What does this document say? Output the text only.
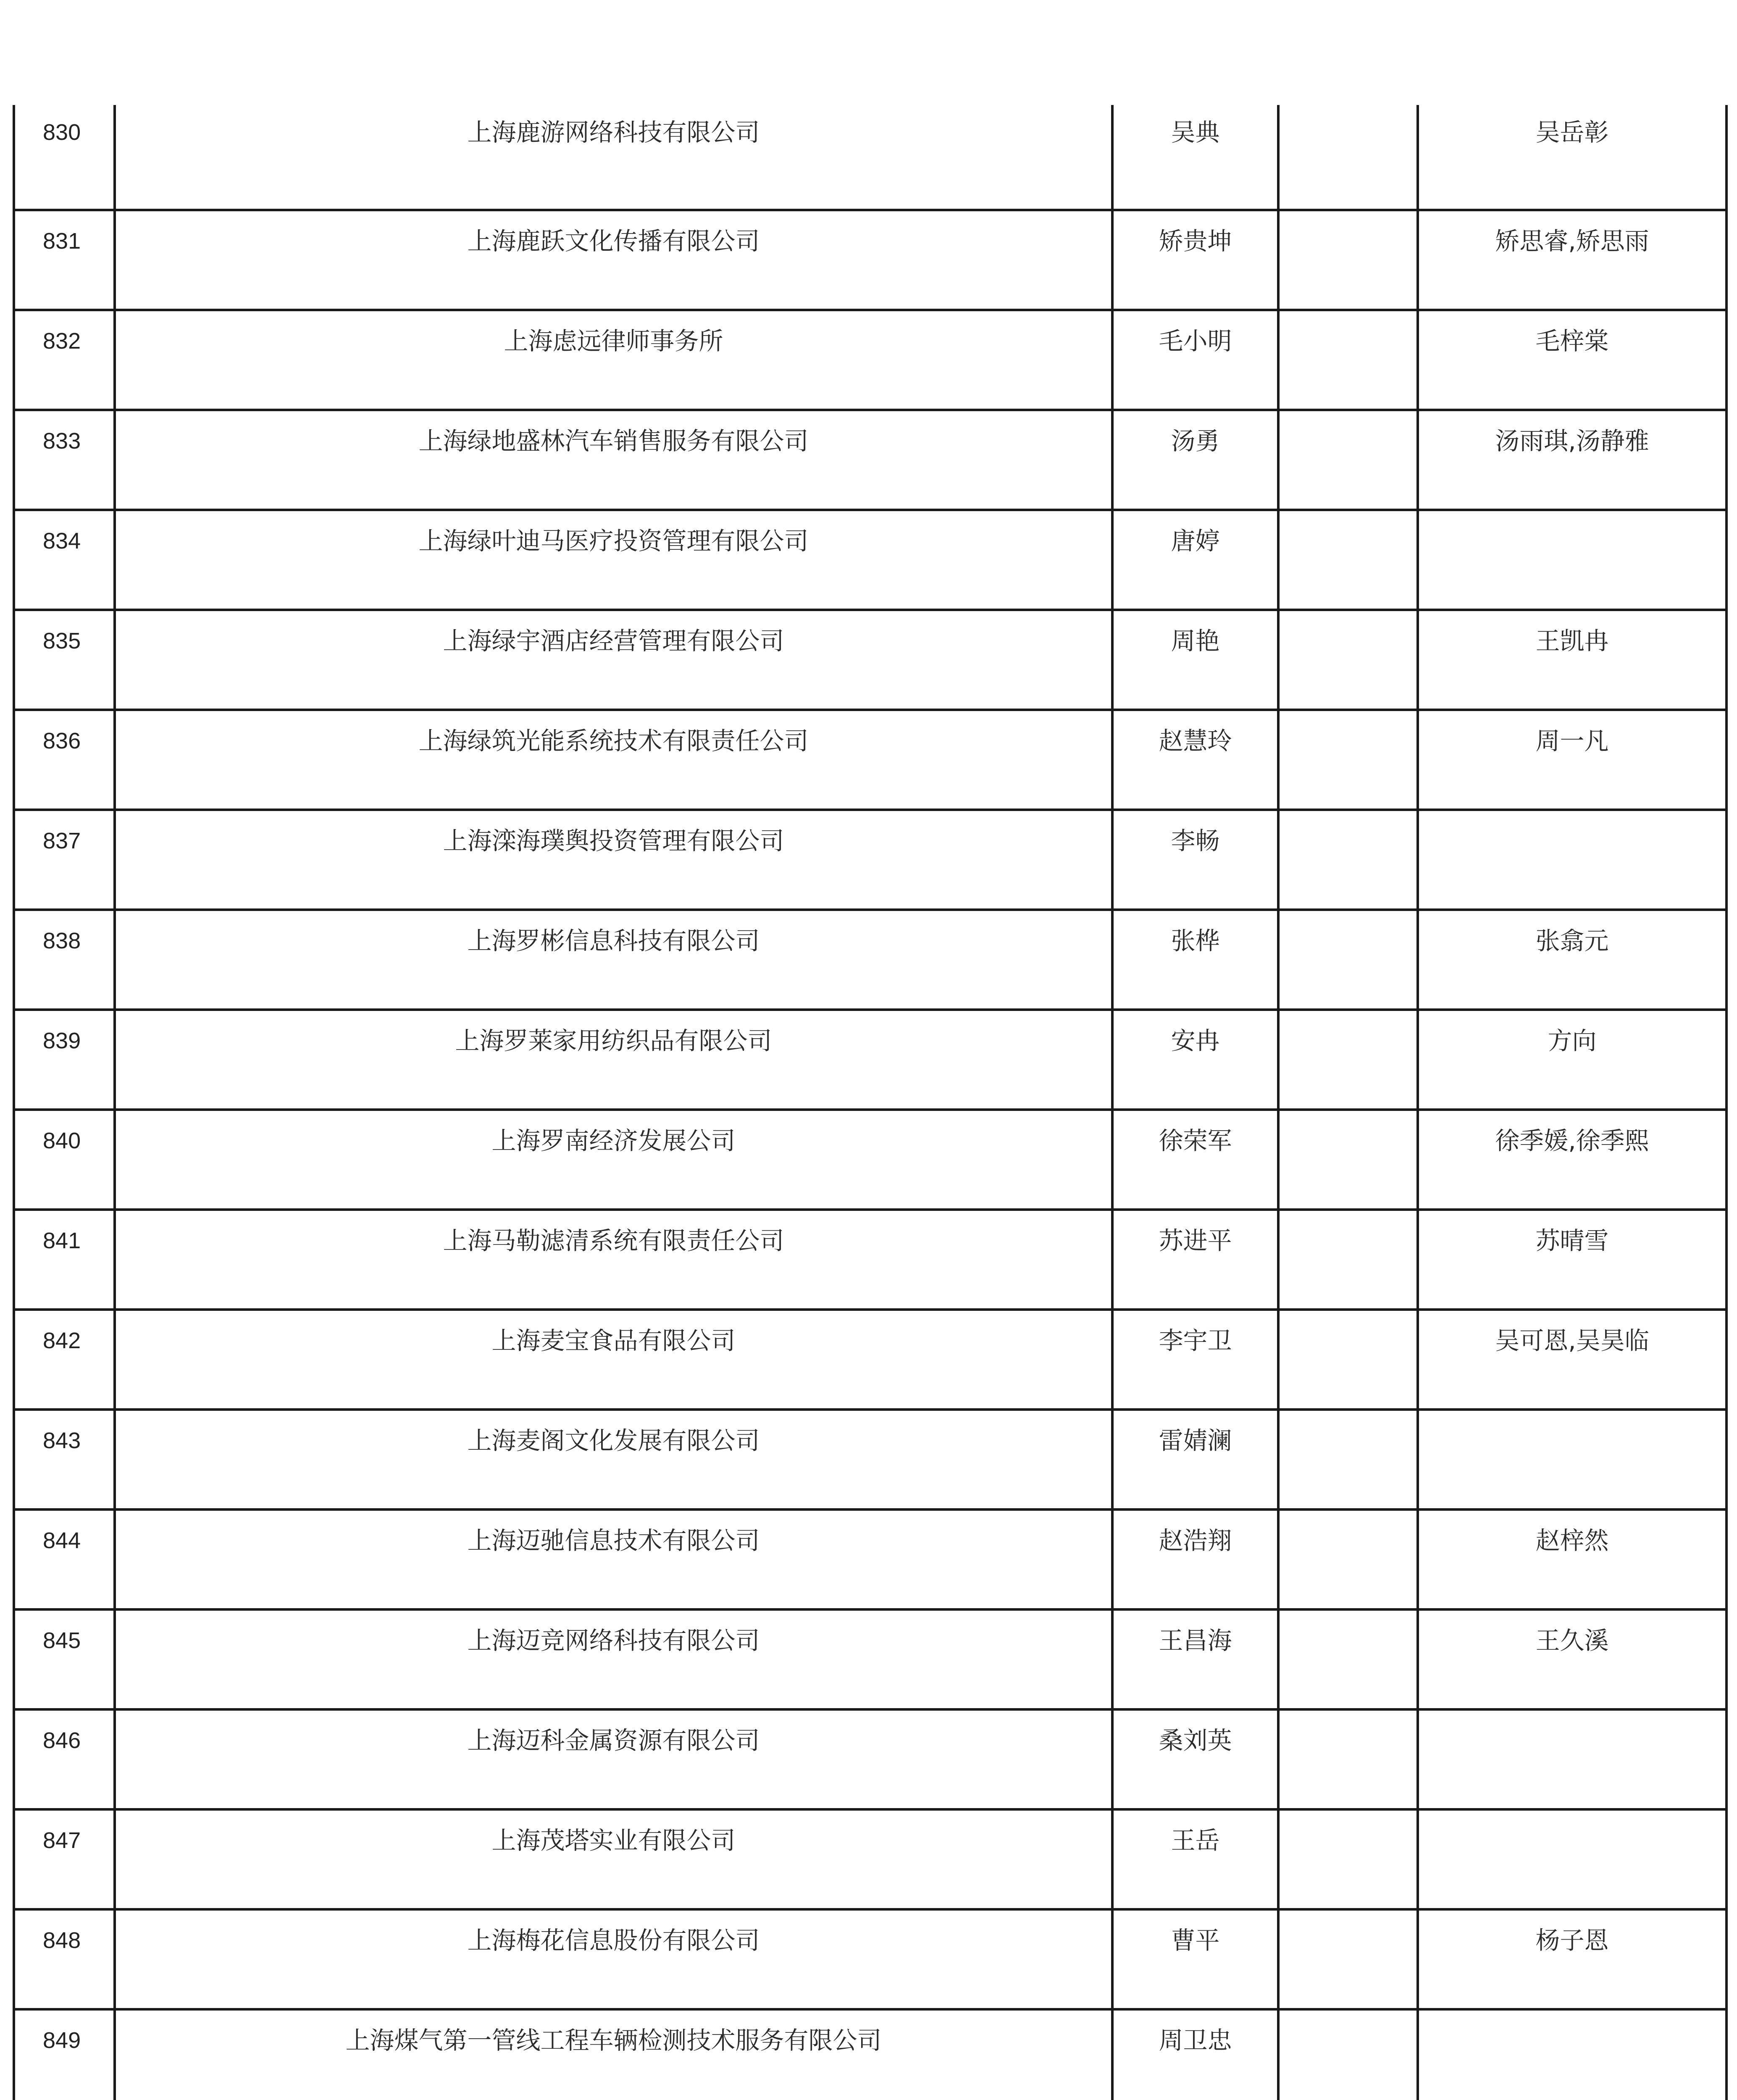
830	上海鹿游网络科技有限公司	吴典		吴岳彰
831	上海鹿跃文化传播有限公司	矫贵坤		矫思睿,矫思雨
832	上海虑远律师事务所	毛小明		毛梓棠
833	上海绿地盛林汽车销售服务有限公司	汤勇		汤雨琪,汤静雅
834	上海绿叶迪马医疗投资管理有限公司	唐婷		
835	上海绿宇酒店经营管理有限公司	周艳		王凯冉
836	上海绿筑光能系统技术有限责任公司	赵慧玲		周一凡
837	上海滦海璞舆投资管理有限公司	李畅		
838	上海罗彬信息科技有限公司	张桦		张翕元
839	上海罗莱家用纺织品有限公司	安冉		方向
840	上海罗南经济发展公司	徐荣军		徐季媛,徐季熙
841	上海马勒滤清系统有限责任公司	苏进平		苏晴雪
842	上海麦宝食品有限公司	李宇卫		吴可恩,吴昊临
843	上海麦阁文化发展有限公司	雷婧澜		
844	上海迈驰信息技术有限公司	赵浩翔		赵梓然
845	上海迈竞网络科技有限公司	王昌海		王久溪
846	上海迈科金属资源有限公司	桑刘英		
847	上海茂塔实业有限公司	王岳		
848	上海梅花信息股份有限公司	曹平		杨子恩
849	上海煤气第一管线工程车辆检测技术服务有限公司	周卫忠		
